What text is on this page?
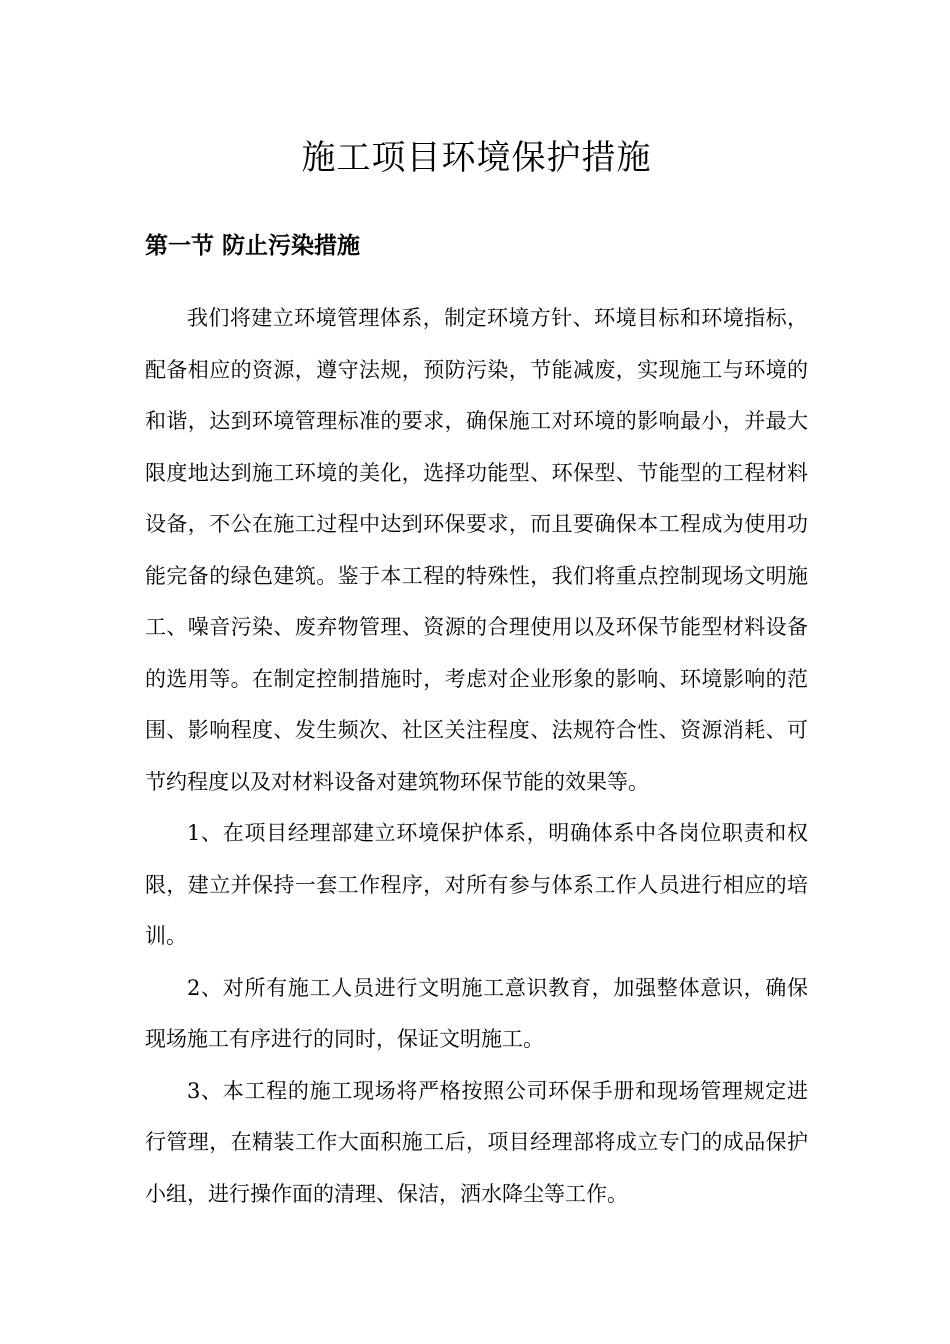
施工项目环境保护措施
第一节 防止污染措施

我们将建立环境管理体系，制定环境方针、环境目标和环境指标，配备相应的资源，遵守法规，预防污染，节能减废，实现施工与环境的和谐，达到环境管理标准的要求，确保施工对环境的影响最小，并最大限度地达到施工环境的美化，选择功能型、环保型、节能型的工程材料设备，不公在施工过程中达到环保要求，而且要确保本工程成为使用功能完备的绿色建筑。鉴于本工程的特殊性，我们将重点控制现场文明施工、噪音污染、废弃物管理、资源的合理使用以及环保节能型材料设备的选用等。在制定控制措施时，考虑对企业形象的影响、环境影响的范围、影响程度、发生频次、社区关注程度、法规符合性、资源消耗、可节约程度以及对材料设备对建筑物环保节能的效果等。

1、在项目经理部建立环境保护体系，明确体系中各岗位职责和权限，建立并保持一套工作程序，对所有参与体系工作人员进行相应的培训。

2、对所有施工人员进行文明施工意识教育，加强整体意识，确保现场施工有序进行的同时，保证文明施工。

3、本工程的施工现场将严格按照公司环保手册和现场管理规定进行管理，在精装工作大面积施工后，项目经理部将成立专门的成品保护小组，进行操作面的清理、保洁，洒水降尘等工作。
